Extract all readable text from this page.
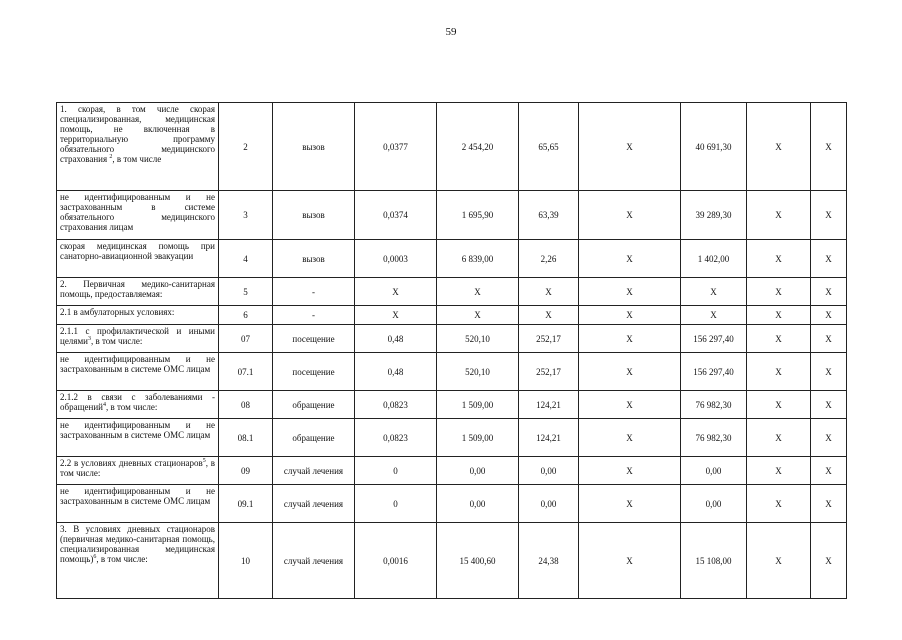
59
1. скорая, в том числе скорая специализированная, медицинская помощь, не включенная в территориальную программу обязательного медицинского страхования $^2$, в том числе	2	вызов	0,0377	2 454,20	65,65	X	40 691,30	X	X
не идентифицированным и не застрахованным в системе обязательного медицинского страхования лицам	3	вызов	0,0374	1 695,90	63,39	X	39 289,30	X	X
скорая медицинская помощь при санаторно-авиационной эвакуации	4	вызов	0,0003	6 839,00	2,26	X	1 402,00	X	X
2. Первичная медико-санитарная помощь, предоставляемая:	5	-	X	X	X	X	X	X	X
2.1 в амбулаторных условиях:	6	-	X	X	X	X	X	X	X
2.1.1 с профилактической и иными целями$^3$, в том числе:	07	посещение	0,48	520,10	252,17	X	156 297,40	X	X
не идентифицированным и не застрахованным в системе ОМС лицам	07.1	посещение	0,48	520,10	252,17	X	156 297,40	X	X
2.1.2 в связи с заболеваниями - обращений$^4$, в том числе:	08	обращение	0,0823	1 509,00	124,21	X	76 982,30	X	X
не идентифицированным и не застрахованным в системе ОМС лицам	08.1	обращение	0,0823	1 509,00	124,21	X	76 982,30	X	X
2.2 в условиях дневных стационаров$^5$, в том числе:	09	случай лечения	0	0,00	0,00	X	0,00	X	X
не идентифицированным и не застрахованным в системе ОМС лицам	09.1	случай лечения	0	0,00	0,00	X	0,00	X	X
3. В условиях дневных стационаров (первичная медико-санитарная помощь, специализированная медицинская помощь)$^6$, в том числе:	10	случай лечения	0,0016	15 400,60	24,38	X	15 108,00	X	X
